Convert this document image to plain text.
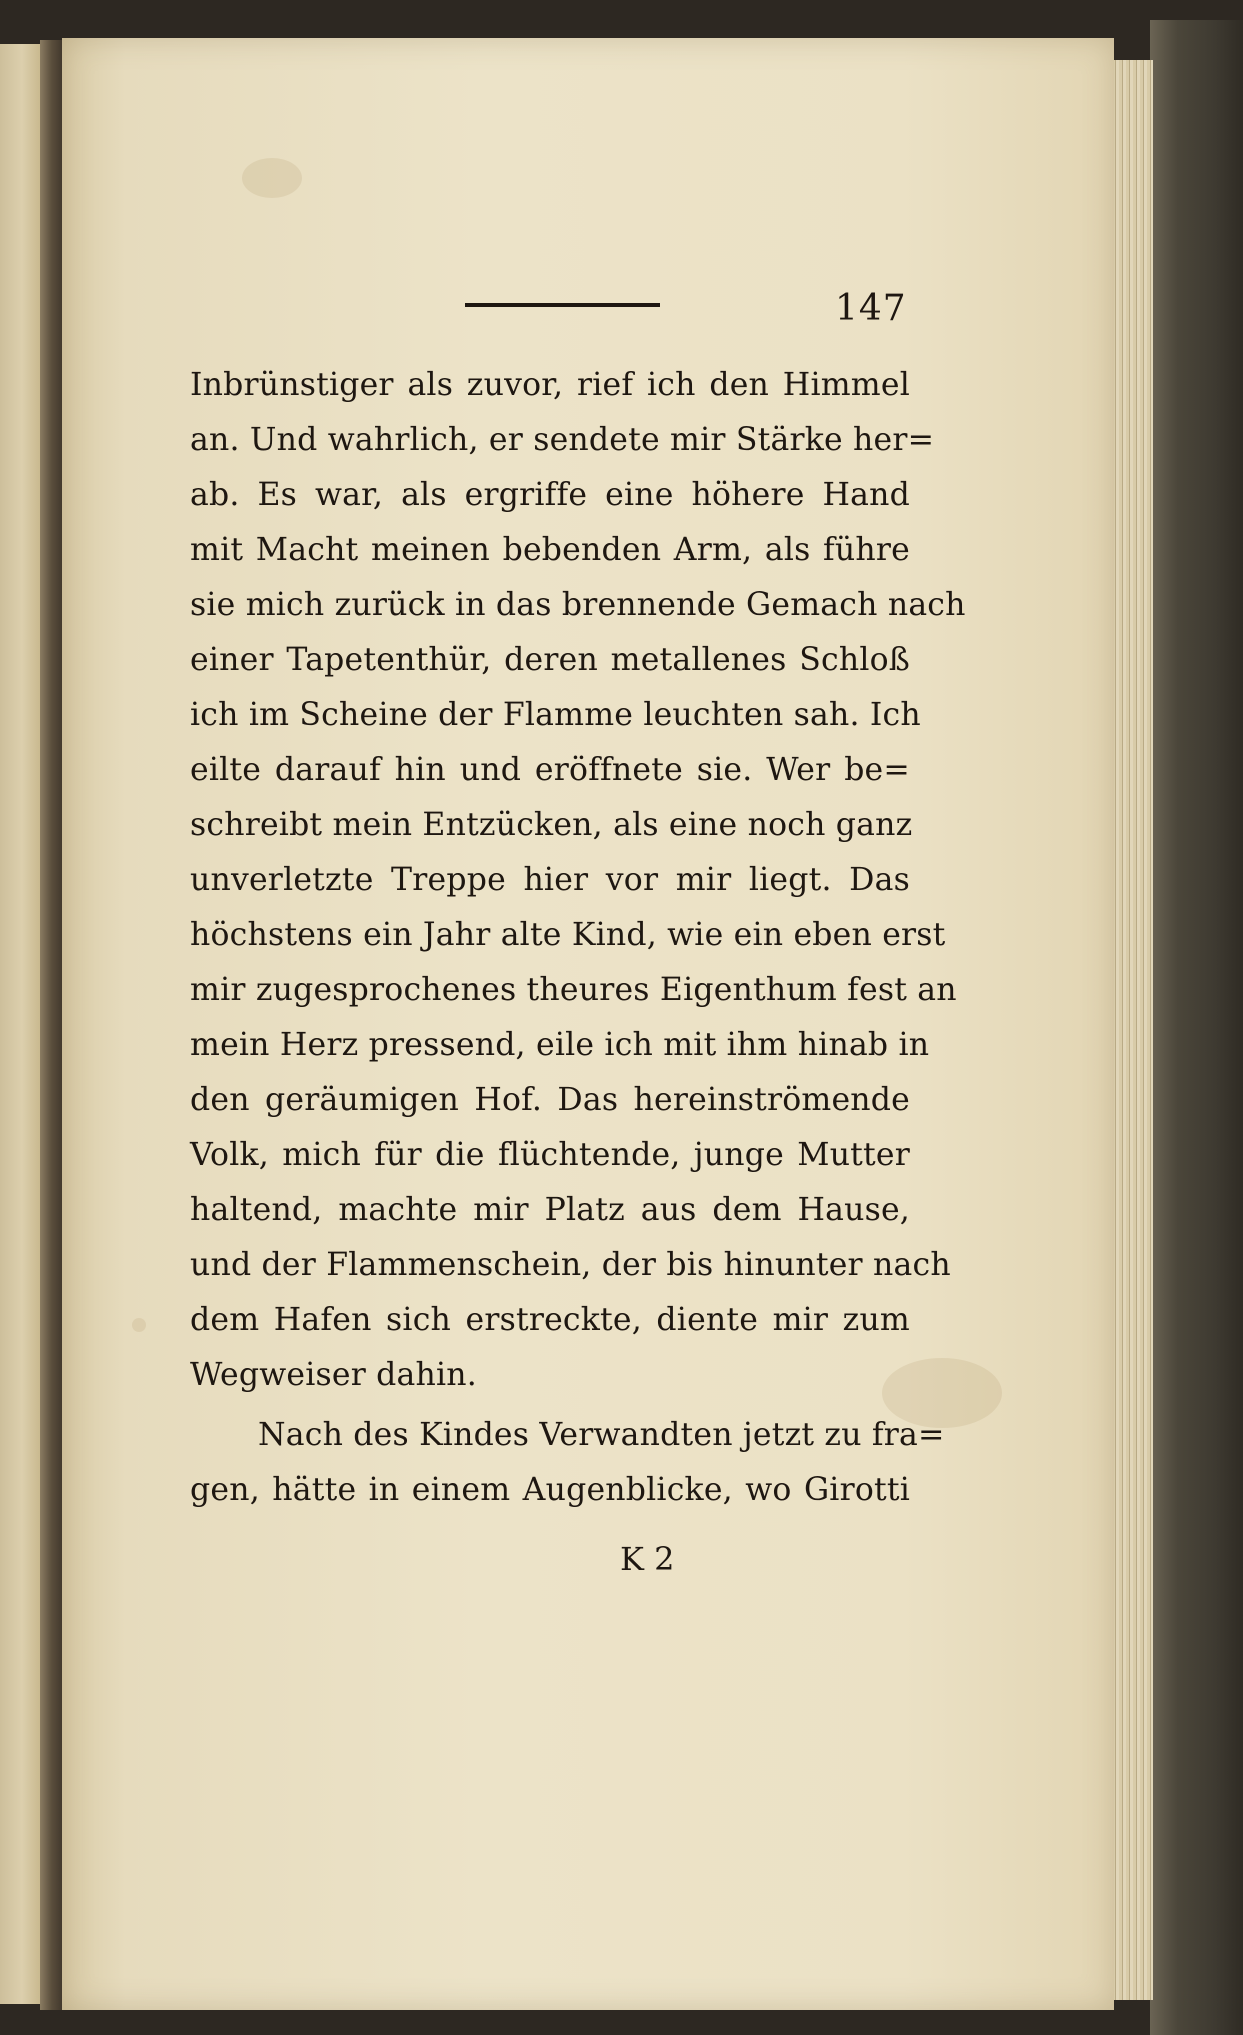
147
Inbrünstiger als zuvor, rief ich den Himmel
an. Und wahrlich, er sendete mir Stärke her=
ab. Es war, als ergriffe eine höhere Hand
mit Macht meinen bebenden Arm, als führe
sie mich zurück in das brennende Gemach nach
einer Tapetenthür, deren metallenes Schloß
ich im Scheine der Flamme leuchten sah. Ich
eilte darauf hin und eröffnete sie. Wer be=
schreibt mein Entzücken, als eine noch ganz
unverletzte Treppe hier vor mir liegt. Das
höchstens ein Jahr alte Kind, wie ein eben erst
mir zugesprochenes theures Eigenthum fest an
mein Herz pressend, eile ich mit ihm hinab in
den geräumigen Hof. Das hereinströmende
Volk, mich für die flüchtende, junge Mutter
haltend, machte mir Platz aus dem Hause,
und der Flammenschein, der bis hinunter nach
dem Hafen sich erstreckte, diente mir zum
Wegweiser dahin.
Nach des Kindes Verwandten jetzt zu fra=
gen, hätte in einem Augenblicke, wo Girotti
K 2
